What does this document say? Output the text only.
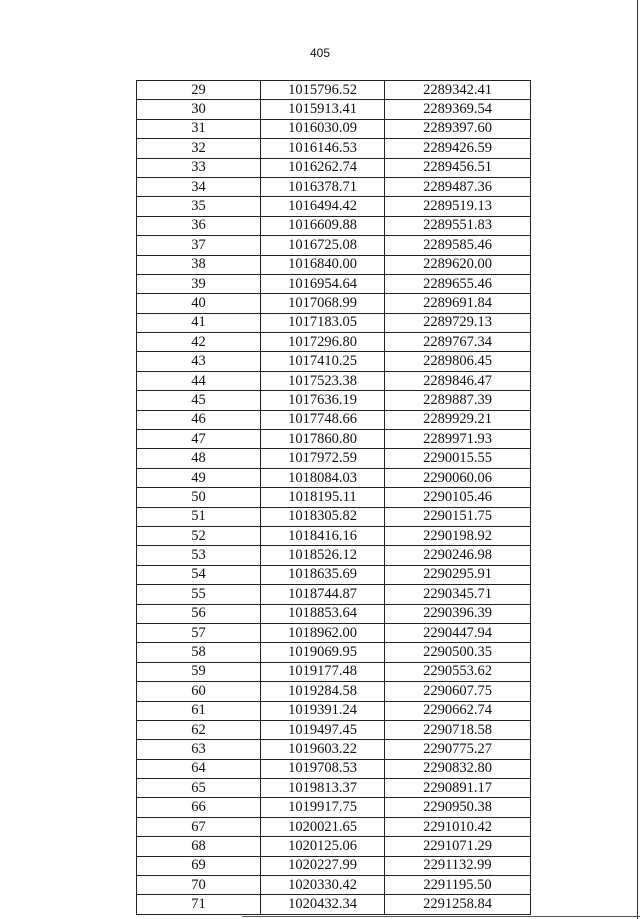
405
29	1015796.52	2289342.41
30	1015913.41	2289369.54
31	1016030.09	2289397.60
32	1016146.53	2289426.59
33	1016262.74	2289456.51
34	1016378.71	2289487.36
35	1016494.42	2289519.13
36	1016609.88	2289551.83
37	1016725.08	2289585.46
38	1016840.00	2289620.00
39	1016954.64	2289655.46
40	1017068.99	2289691.84
41	1017183.05	2289729.13
42	1017296.80	2289767.34
43	1017410.25	2289806.45
44	1017523.38	2289846.47
45	1017636.19	2289887.39
46	1017748.66	2289929.21
47	1017860.80	2289971.93
48	1017972.59	2290015.55
49	1018084.03	2290060.06
50	1018195.11	2290105.46
51	1018305.82	2290151.75
52	1018416.16	2290198.92
53	1018526.12	2290246.98
54	1018635.69	2290295.91
55	1018744.87	2290345.71
56	1018853.64	2290396.39
57	1018962.00	2290447.94
58	1019069.95	2290500.35
59	1019177.48	2290553.62
60	1019284.58	2290607.75
61	1019391.24	2290662.74
62	1019497.45	2290718.58
63	1019603.22	2290775.27
64	1019708.53	2290832.80
65	1019813.37	2290891.17
66	1019917.75	2290950.38
67	1020021.65	2291010.42
68	1020125.06	2291071.29
69	1020227.99	2291132.99
70	1020330.42	2291195.50
71	1020432.34	2291258.84
